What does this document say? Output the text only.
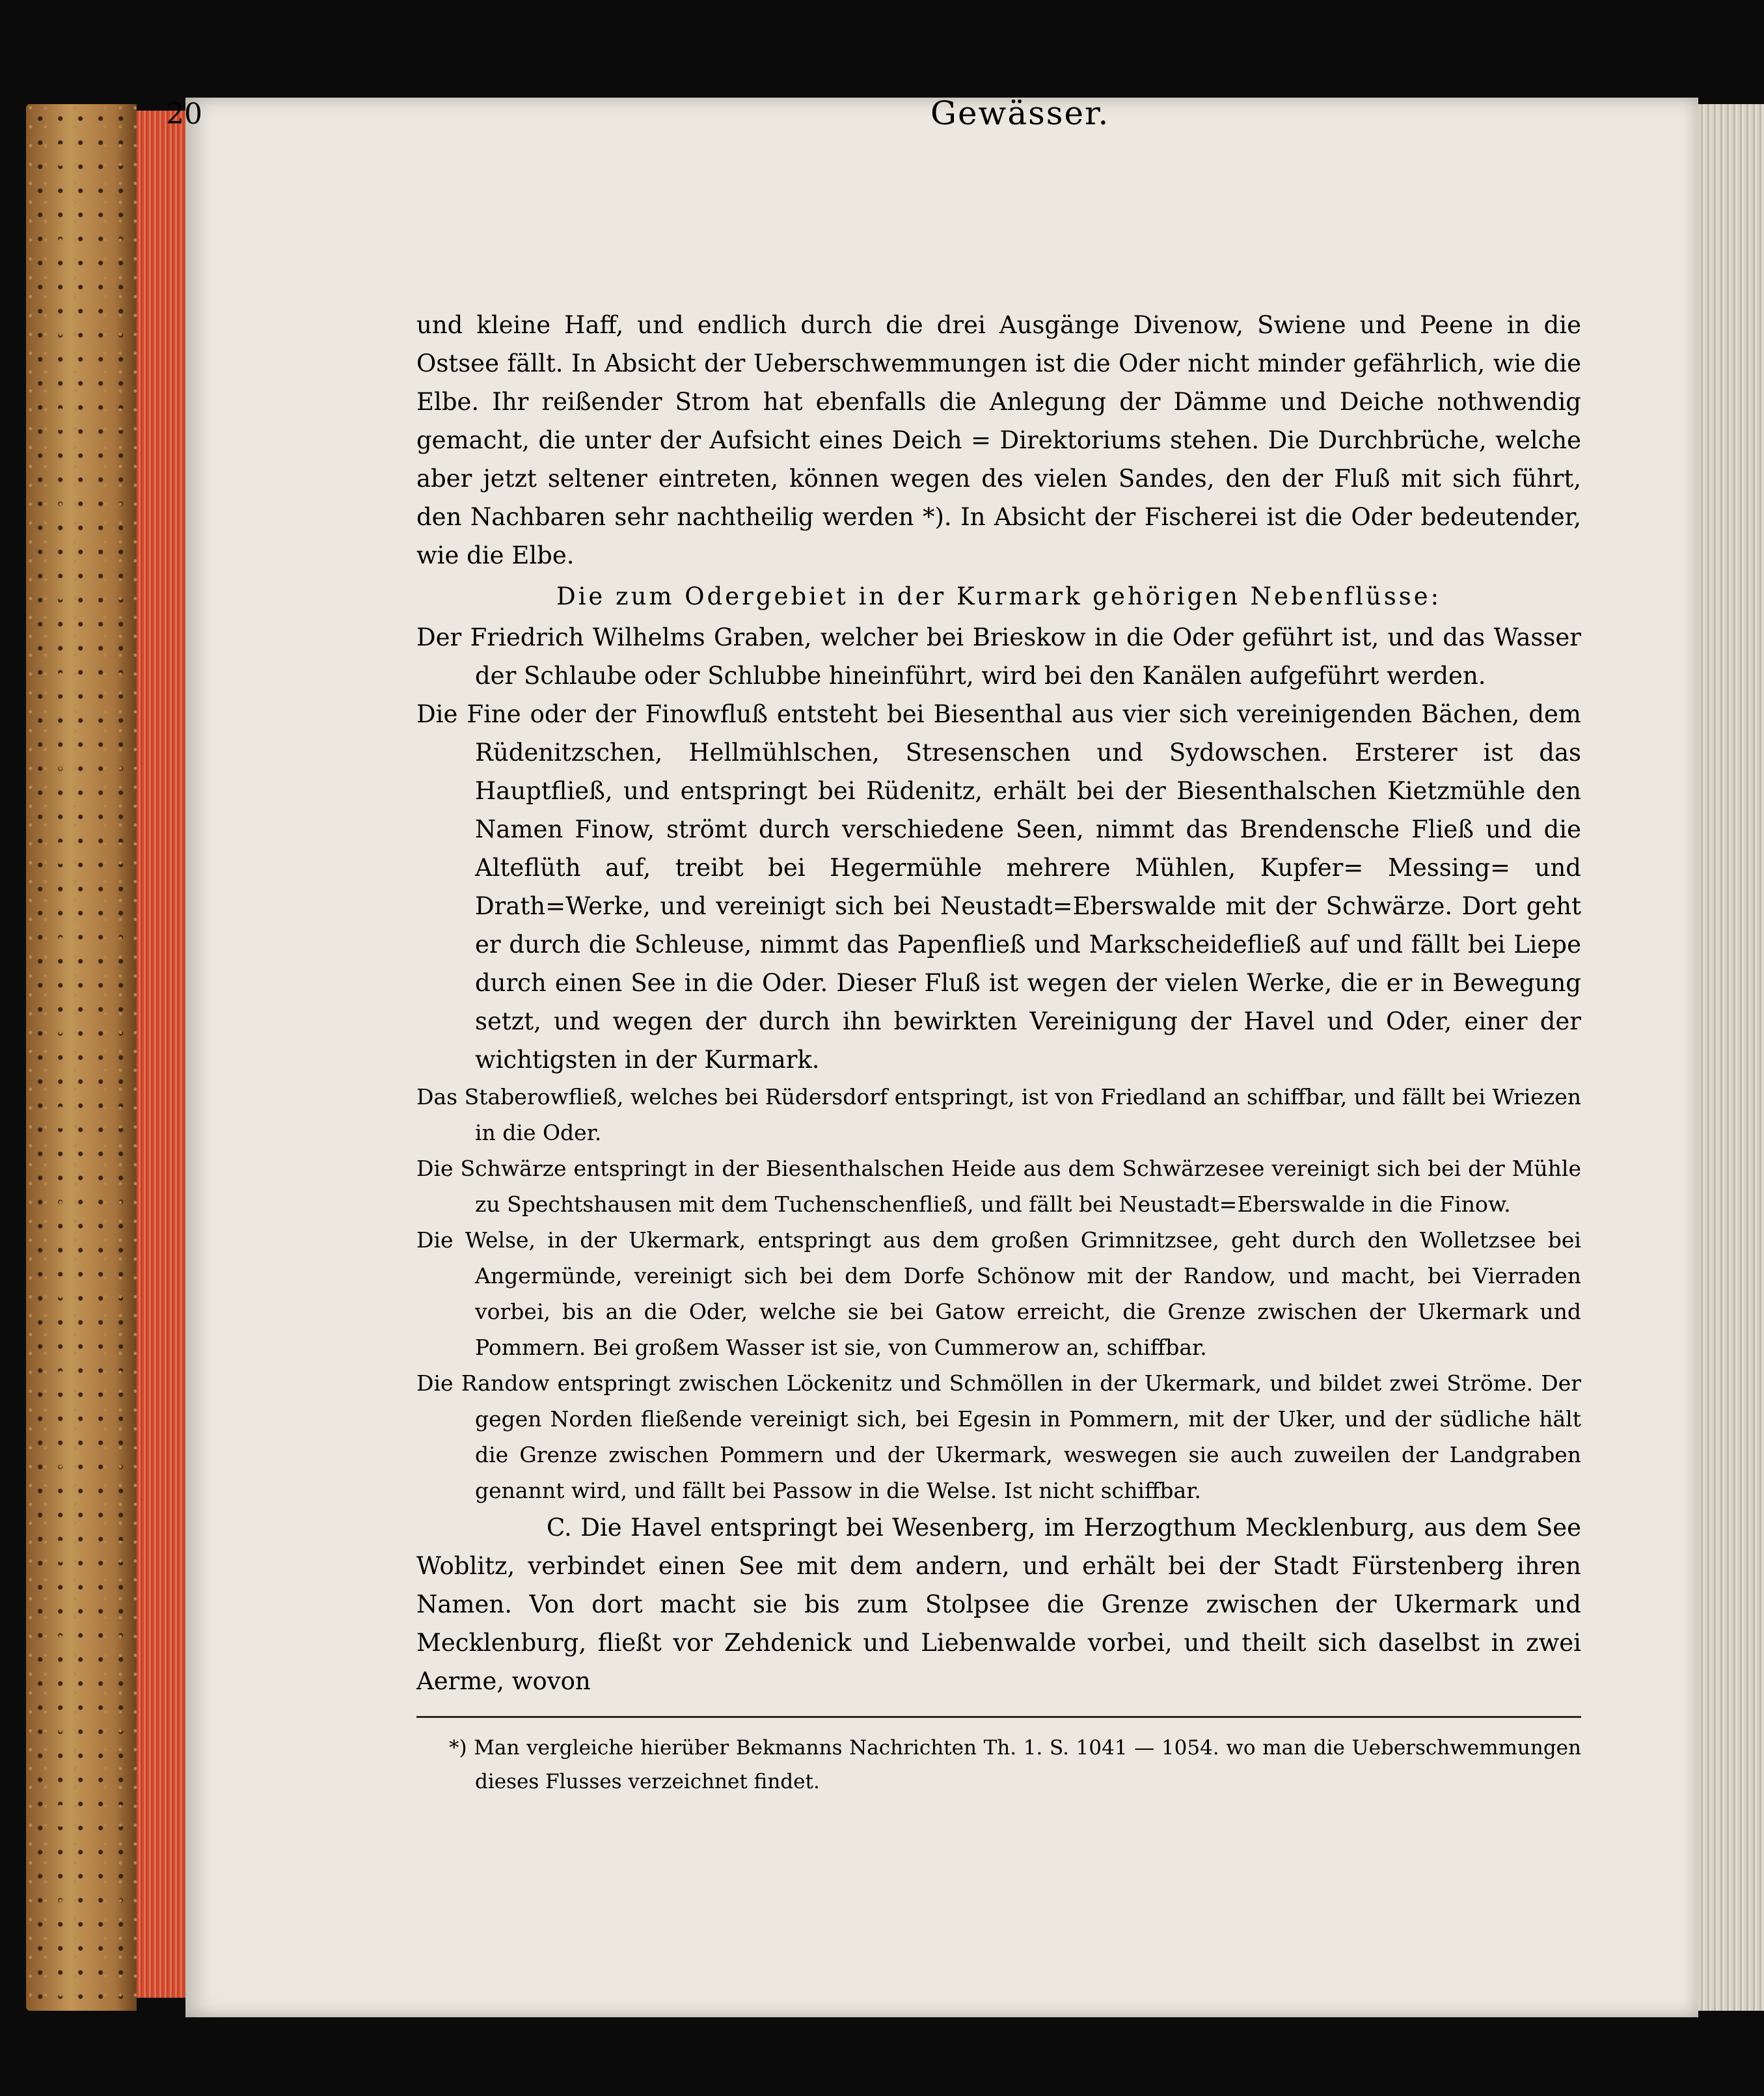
20	Gewässer.

und kleine Haff, und endlich durch die drei Ausgänge Divenow, Swiene und Peene in die Ostsee fällt. In Absicht der Ueberschwemmungen ist die Oder nicht minder gefährlich, wie die Elbe. Ihr reißender Strom hat ebenfalls die Anlegung der Dämme und Deiche nothwendig gemacht, die unter der Aufsicht eines Deich = Direktoriums stehen. Die Durchbrüche, welche aber jetzt seltener eintreten, können wegen des vielen Sandes, den der Fluß mit sich führt, den Nachbaren sehr nachtheilig werden *). In Absicht der Fischerei ist die Oder bedeutender, wie die Elbe.

Die zum Odergebiet in der Kurmark gehörigen Nebenflüsse:

Der Friedrich Wilhelms Graben, welcher bei Brieskow in die Oder geführt ist, und das Wasser der Schlaube oder Schlubbe hineinführt, wird bei den Kanälen aufgeführt werden.

Die Fine oder der Finowfluß entsteht bei Biesenthal aus vier sich vereinigenden Bächen, dem Rüdenitzschen, Hellmühlschen, Stresenschen und Sydowschen. Ersterer ist das Hauptfließ, und entspringt bei Rüdenitz, erhält bei der Biesenthalschen Kietzmühle den Namen Finow, strömt durch verschiedene Seen, nimmt das Brendensche Fließ und die Alteflüth auf, treibt bei Hegermühle mehrere Mühlen, Kupfer= Messing= und Drath=Werke, und vereinigt sich bei Neustadt=Eberswalde mit der Schwärze. Dort geht er durch die Schleuse, nimmt das Papenfließ und Markscheidefließ auf und fällt bei Liepe durch einen See in die Oder. Dieser Fluß ist wegen der vielen Werke, die er in Bewegung setzt, und wegen der durch ihn bewirkten Vereinigung der Havel und Oder, einer der wichtigsten in der Kurmark.

Das Staberowfließ, welches bei Rüdersdorf entspringt, ist von Friedland an schiffbar, und fällt bei Wriezen in die Oder.

Die Schwärze entspringt in der Biesenthalschen Heide aus dem Schwärzesee vereinigt sich bei der Mühle zu Spechtshausen mit dem Tuchenschenfließ, und fällt bei Neustadt=Eberswalde in die Finow.

Die Welse, in der Ukermark, entspringt aus dem großen Grimnitzsee, geht durch den Wolletzsee bei Angermünde, vereinigt sich bei dem Dorfe Schönow mit der Randow, und macht, bei Vierraden vorbei, bis an die Oder, welche sie bei Gatow erreicht, die Grenze zwischen der Ukermark und Pommern. Bei großem Wasser ist sie, von Cummerow an, schiffbar.

Die Randow entspringt zwischen Löckenitz und Schmöllen in der Ukermark, und bildet zwei Ströme. Der gegen Norden fließende vereinigt sich, bei Egesin in Pommern, mit der Uker, und der südliche hält die Grenze zwischen Pommern und der Ukermark, weswegen sie auch zuweilen der Landgraben genannt wird, und fällt bei Passow in die Welse. Ist nicht schiffbar.

C. Die Havel entspringt bei Wesenberg, im Herzogthum Mecklenburg, aus dem See Woblitz, verbindet einen See mit dem andern, und erhält bei der Stadt Fürstenberg ihren Namen. Von dort macht sie bis zum Stolpsee die Grenze zwischen der Ukermark und Mecklenburg, fließt vor Zehdenick und Liebenwalde vorbei, und theilt sich daselbst in zwei Aerme, wovon

*) Man vergleiche hierüber Bekmanns Nachrichten Th. 1. S. 1041 — 1054. wo man die Ueberschwemmungen dieses Flusses verzeichnet findet.
